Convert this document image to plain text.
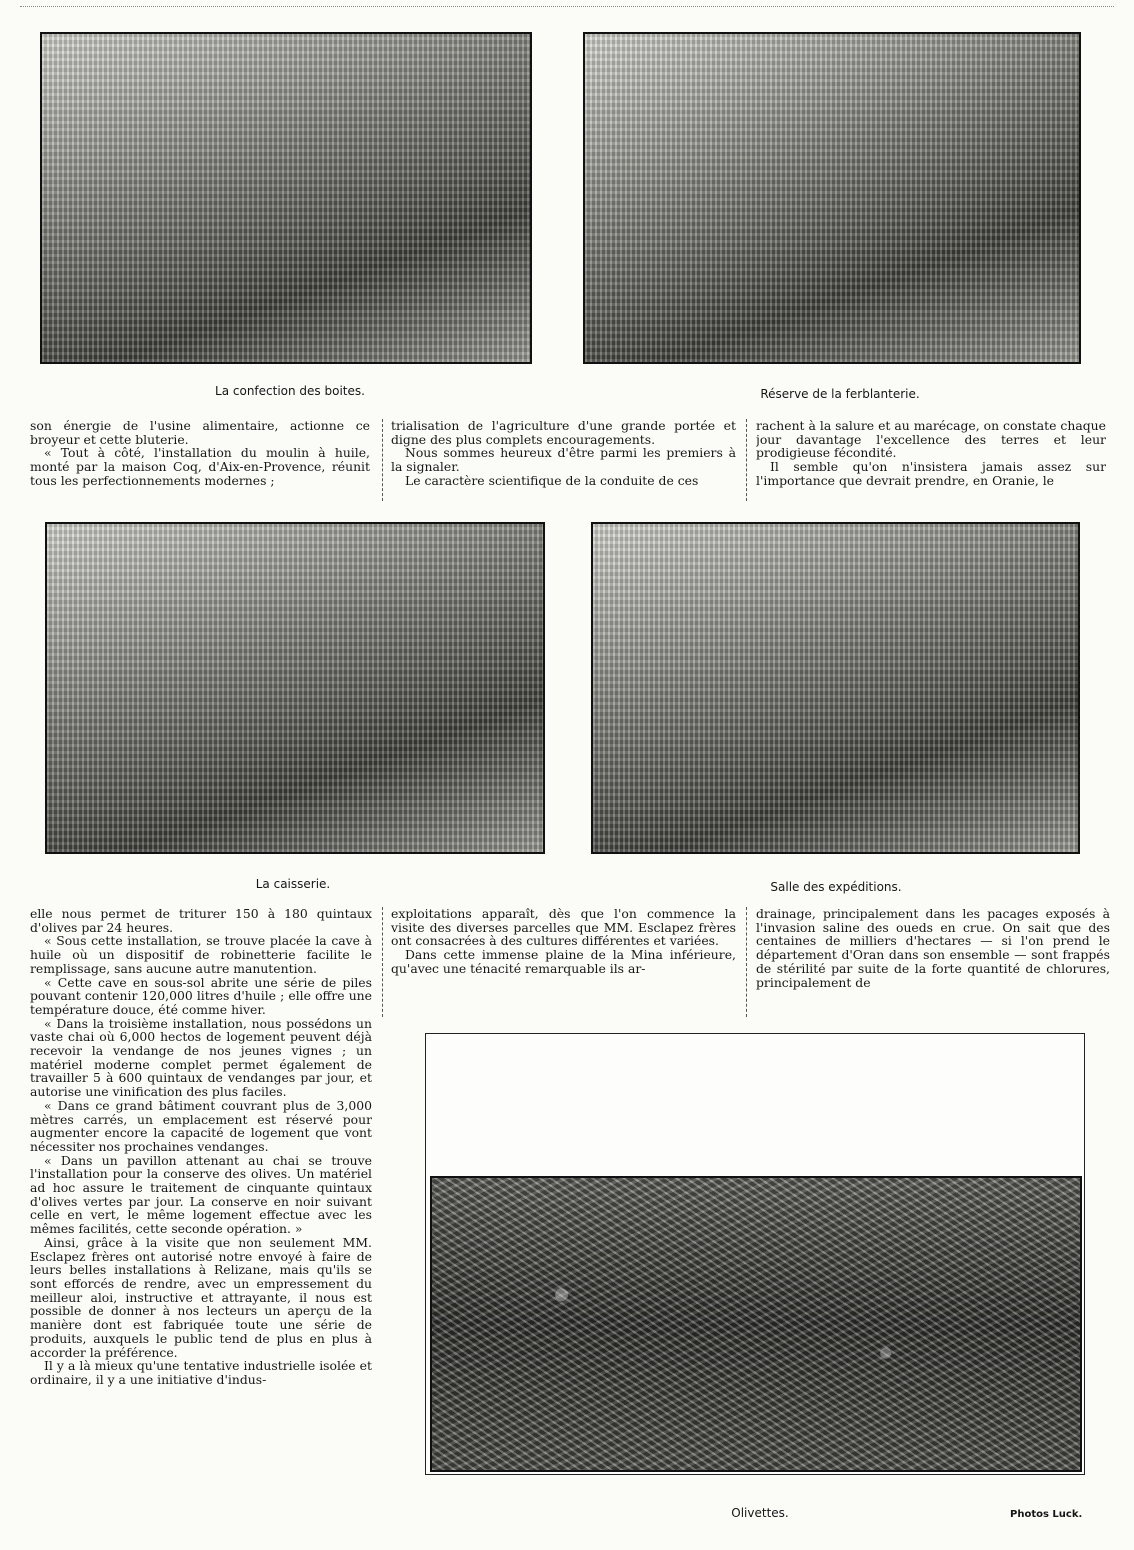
La confection des boites.	Réserve de la ferblanterie.

son énergie de l'usine alimentaire, actionne ce broyeur et cette bluterie.

« Tout à côté, l'installation du moulin à huile, monté par la maison Coq, d'Aix-en-Provence, réunit tous les perfectionnements modernes ;

trialisation de l'agriculture d'une grande portée et digne des plus complets encouragements.

Nous sommes heureux d'être parmi les premiers à la signaler.

Le caractère scientifique de la conduite de ces

rachent à la salure et au marécage, on constate chaque jour davantage l'excellence des terres et leur prodigieuse fécondité.

Il semble qu'on n'insistera jamais assez sur l'importance que devrait prendre, en Oranie, le

La caisserie.	Salle des expéditions.

elle nous permet de triturer 150 à 180 quintaux d'olives par 24 heures.

« Sous cette installation, se trouve placée la cave à huile où un dispositif de robinetterie facilite le remplissage, sans aucune autre manutention.

« Cette cave en sous-sol abrite une série de piles pouvant contenir 120,000 litres d'huile ; elle offre une température douce, été comme hiver.

« Dans la troisième installation, nous possédons un vaste chai où 6,000 hectos de logement peuvent déjà recevoir la vendange de nos jeunes vignes ; un matériel moderne complet permet également de travailler 5 à 600 quintaux de vendanges par jour, et autorise une vinification des plus faciles.

« Dans ce grand bâtiment couvrant plus de 3,000 mètres carrés, un emplacement est réservé pour augmenter encore la capacité de logement que vont nécessiter nos prochaines vendanges.

« Dans un pavillon attenant au chai se trouve l'installation pour la conserve des olives. Un matériel ad hoc assure le traitement de cinquante quintaux d'olives vertes par jour. La conserve en noir suivant celle en vert, le même logement effectue avec les mêmes facilités, cette seconde opération. »

Ainsi, grâce à la visite que non seulement MM. Esclapez frères ont autorisé notre envoyé à faire de leurs belles installations à Relizane, mais qu'ils se sont efforcés de rendre, avec un empressement du meilleur aloi, instructive et attrayante, il nous est possible de donner à nos lecteurs un aperçu de la manière dont est fabriquée toute une série de produits, auxquels le public tend de plus en plus à accorder la préférence.

Il y a là mieux qu'une tentative industrielle isolée et ordinaire, il y a une initiative d'indus-

exploitations apparaît, dès que l'on commence la visite des diverses parcelles que MM. Esclapez frères ont consacrées à des cultures différentes et variées.

Dans cette immense plaine de la Mina inférieure, qu'avec une ténacité remarquable ils ar-

drainage, principalement dans les pacages exposés à l'invasion saline des oueds en crue. On sait que des centaines de milliers d'hectares — si l'on prend le département d'Oran dans son ensemble — sont frappés de stérilité par suite de la forte quantité de chlorures, principalement de

Olivettes.	Photos Luck.
